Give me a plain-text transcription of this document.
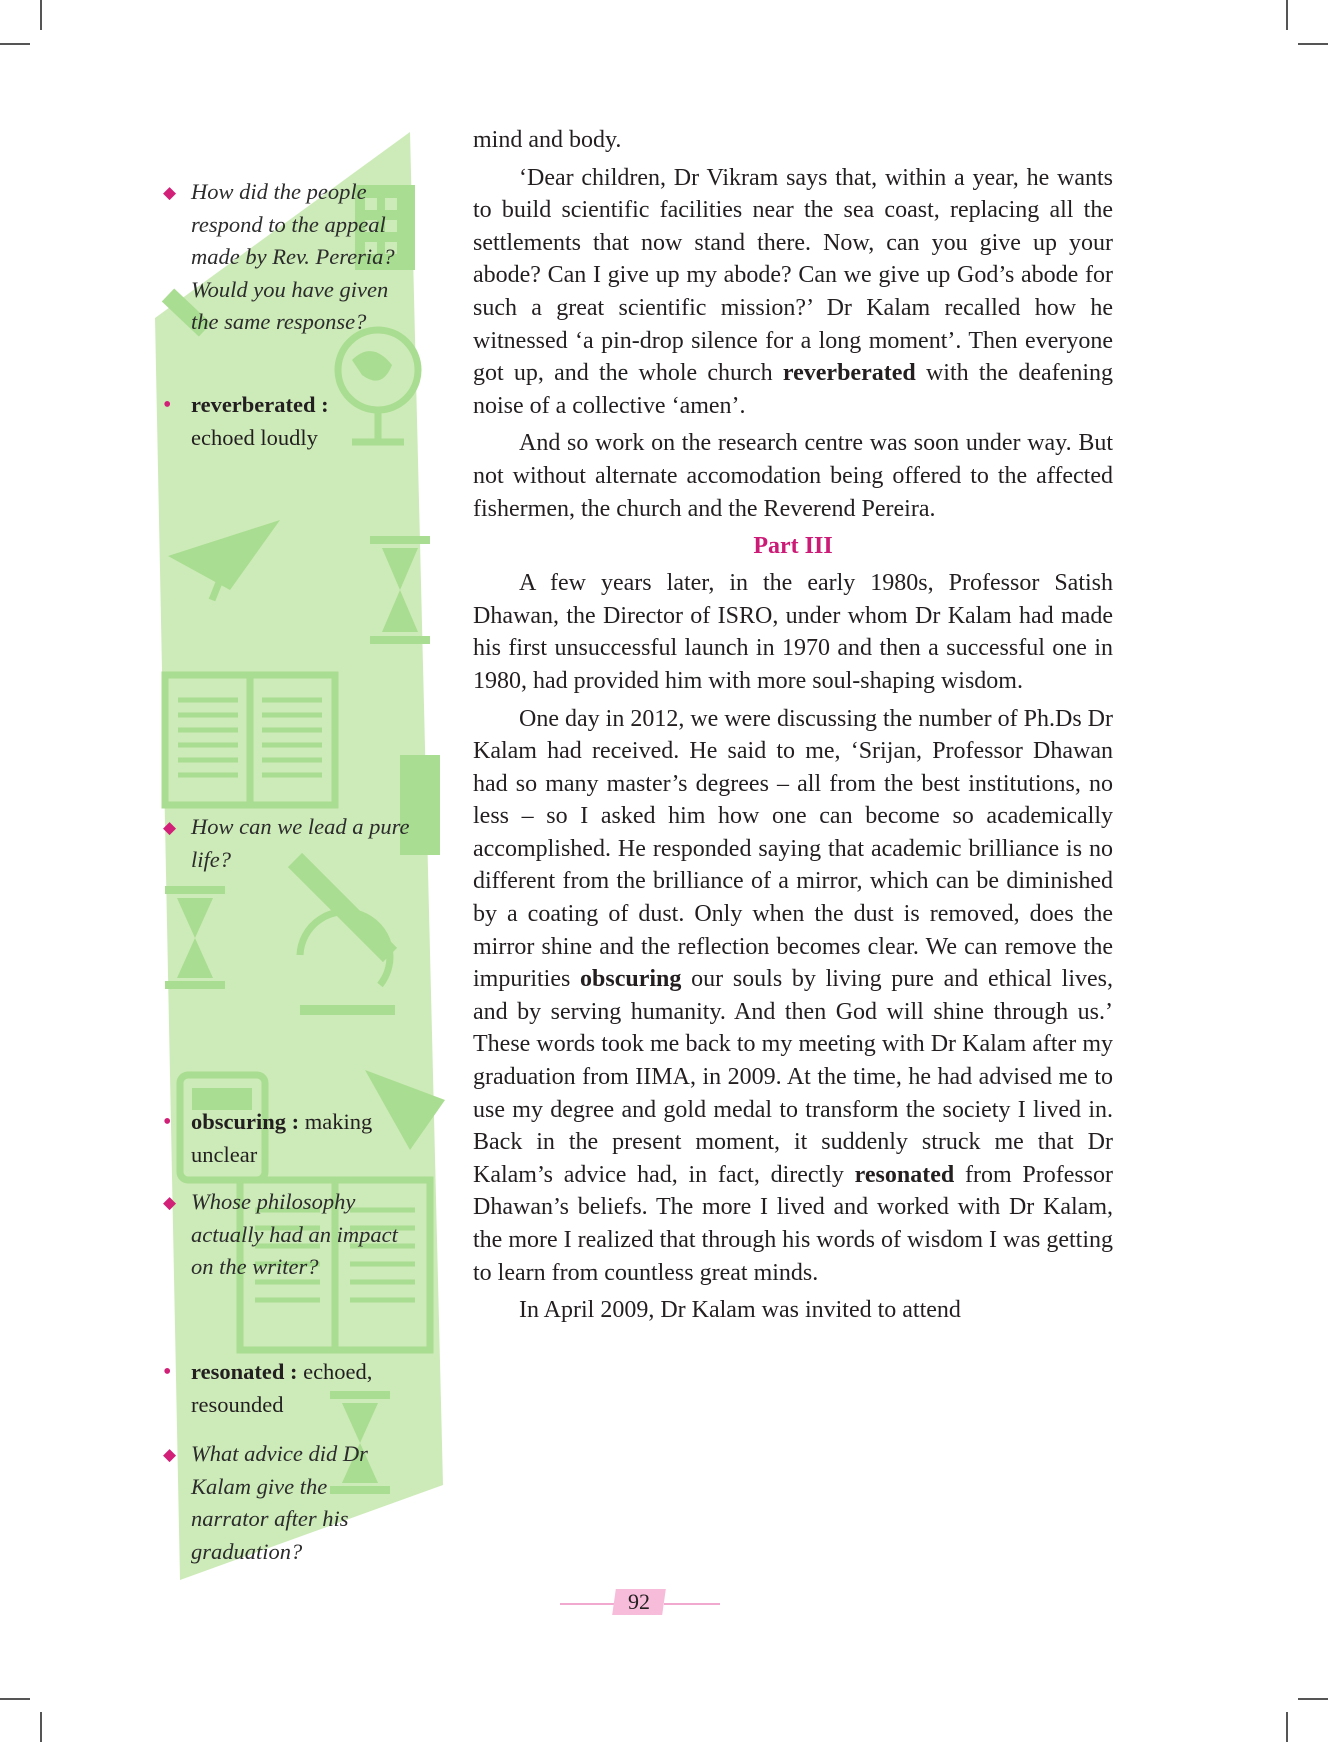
◆ How did the people respond to the appeal made by Rev. Pereria? Would you have given the same response?
• reverberated :
echoed loudly
◆ How can we lead a pure life?
• obscuring : making unclear
◆ Whose philosophy actually had an impact on the writer?
• resonated : echoed, resounded
◆ What advice did Dr Kalam give the narrator after his graduation?

mind and body.

‘Dear children, Dr Vikram says that, within a year, he wants to build scientific facilities near the sea coast, replacing all the settlements that now stand there. Now, can you give up your abode? Can I give up my abode? Can we give up God’s abode for such a great scientific mission?’ Dr Kalam recalled how he witnessed ‘a pin-drop silence for a long moment’. Then everyone got up, and the whole church reverberated with the deafening noise of a collective ‘amen’.

And so work on the research centre was soon under way. But not without alternate accomodation being offered to the affected fishermen, the church and the Reverend Pereira.

Part III

A few years later, in the early 1980s, Professor Satish Dhawan, the Director of ISRO, under whom Dr Kalam had made his first unsuccessful launch in 1970 and then a successful one in 1980, had provided him with more soul-shaping wisdom.

One day in 2012, we were discussing the number of Ph.Ds Dr Kalam had received. He said to me, ‘Srijan, Professor Dhawan had so many master’s degrees – all from the best institutions, no less – so I asked him how one can become so academically accomplished. He responded saying that academic brilliance is no different from the brilliance of a mirror, which can be diminished by a coating of dust. Only when the dust is removed, does the mirror shine and the reflection becomes clear. We can remove the impurities obscuring our souls by living pure and ethical lives, and by serving humanity. And then God will shine through us.’ These words took me back to my meeting with Dr Kalam after my graduation from IIMA, in 2009. At the time, he had advised me to use my degree and gold medal to transform the society I lived in. Back in the present moment, it suddenly struck me that Dr Kalam’s advice had, in fact, directly resonated from Professor Dhawan’s beliefs. The more I lived and worked with Dr Kalam, the more I realized that through his words of wisdom I was getting to learn from countless great minds.

In April 2009, Dr Kalam was invited to attend

92
